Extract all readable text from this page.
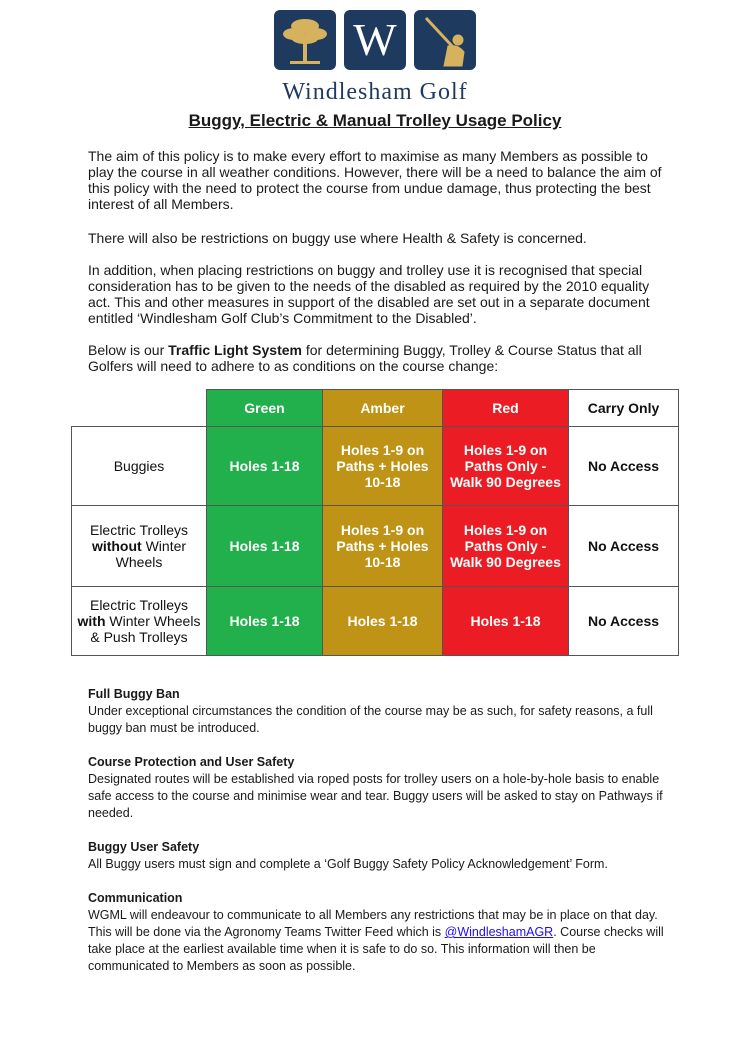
W
Windlesham Golf
Buggy, Electric & Manual Trolley Usage Policy

The aim of this policy is to make every effort to maximise as many Members as possible to play the course in all weather conditions. However, there will be a need to balance the aim of this policy with the need to protect the course from undue damage, thus protecting the best interest of all Members.

There will also be restrictions on buggy use where Health & Safety is concerned.

In addition, when placing restrictions on buggy and trolley use it is recognised that special consideration has to be given to the needs of the disabled as required by the 2010 equality act. This and other measures in support of the disabled are set out in a separate document entitled ‘Windlesham Golf Club’s Commitment to the Disabled’.

Below is our Traffic Light System for determining Buggy, Trolley & Course Status that all Golfers will need to adhere to as conditions on the course change:

	Green	Amber	Red	Carry Only
Buggies	Holes 1-18	Holes 1-9 on Paths + Holes 10-18	Holes 1-9 on Paths Only - Walk 90 Degrees	No Access
Electric Trolleys
without Winter Wheels	Holes 1-18	Holes 1-9 on Paths + Holes 10-18	Holes 1-9 on Paths Only - Walk 90 Degrees	No Access
Electric Trolleys
with Winter Wheels & Push Trolleys	Holes 1-18	Holes 1-18	Holes 1-18	No Access
Full Buggy Ban

Under exceptional circumstances the condition of the course may be as such, for safety reasons, a full buggy ban must be introduced.

Course Protection and User Safety

Designated routes will be established via roped posts for trolley users on a hole-by-hole basis to enable safe access to the course and minimise wear and tear. Buggy users will be asked to stay on Pathways if needed.

Buggy User Safety

All Buggy users must sign and complete a ‘Golf Buggy Safety Policy Acknowledgement’ Form.

Communication

WGML will endeavour to communicate to all Members any restrictions that may be in place on that day. This will be done via the Agronomy Teams Twitter Feed which is @WindleshamAGR. Course checks will take place at the earliest available time when it is safe to do so. This information will then be communicated to Members as soon as possible.
